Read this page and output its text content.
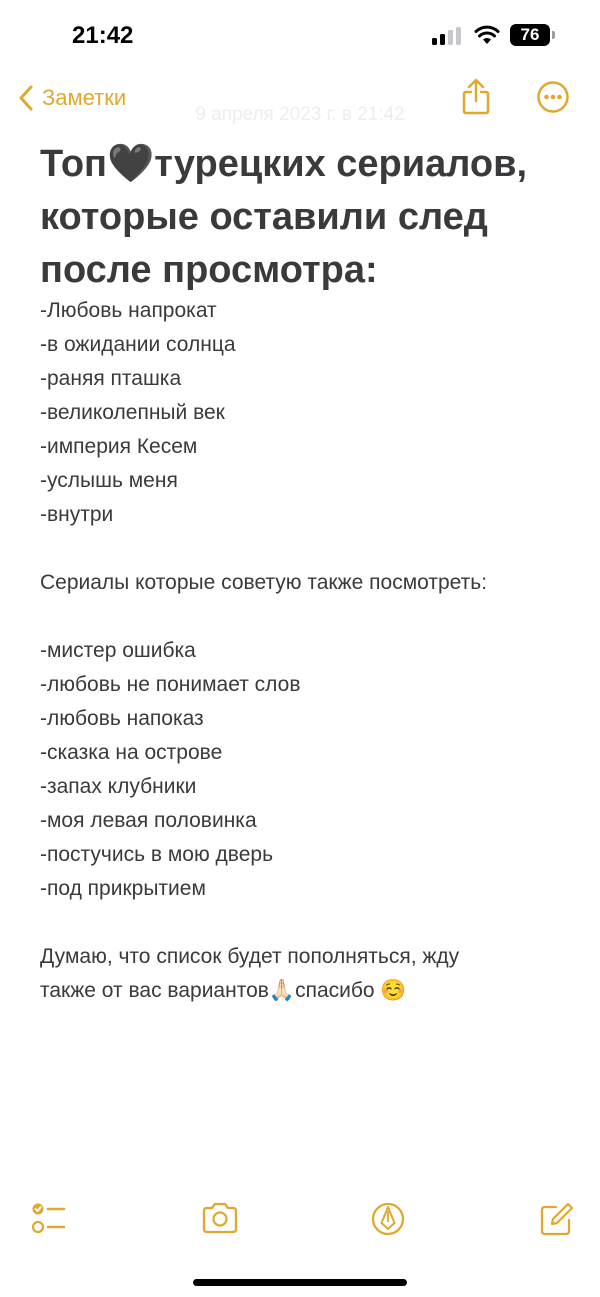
21:42	76
9 апреля 2023 г. в 21:42
Заметки
Топ🖤турецких сериалов, которые оставили след после просмотра:
-Любовь напрокат
-в ожидании солнца
-раняя пташка
-великолепный век
-империя Кесем
-услышь меня
-внутри
Сериалы которые советую также посмотреть:
-мистер ошибка
-любовь не понимает слов
-любовь напоказ
-сказка на острове
-запах клубники
-моя левая половинка
-постучись в мою дверь
-под прикрытием
Думаю, что список будет пополняться, жду
также от вас вариантов🙏🏻спасибо ☺️
